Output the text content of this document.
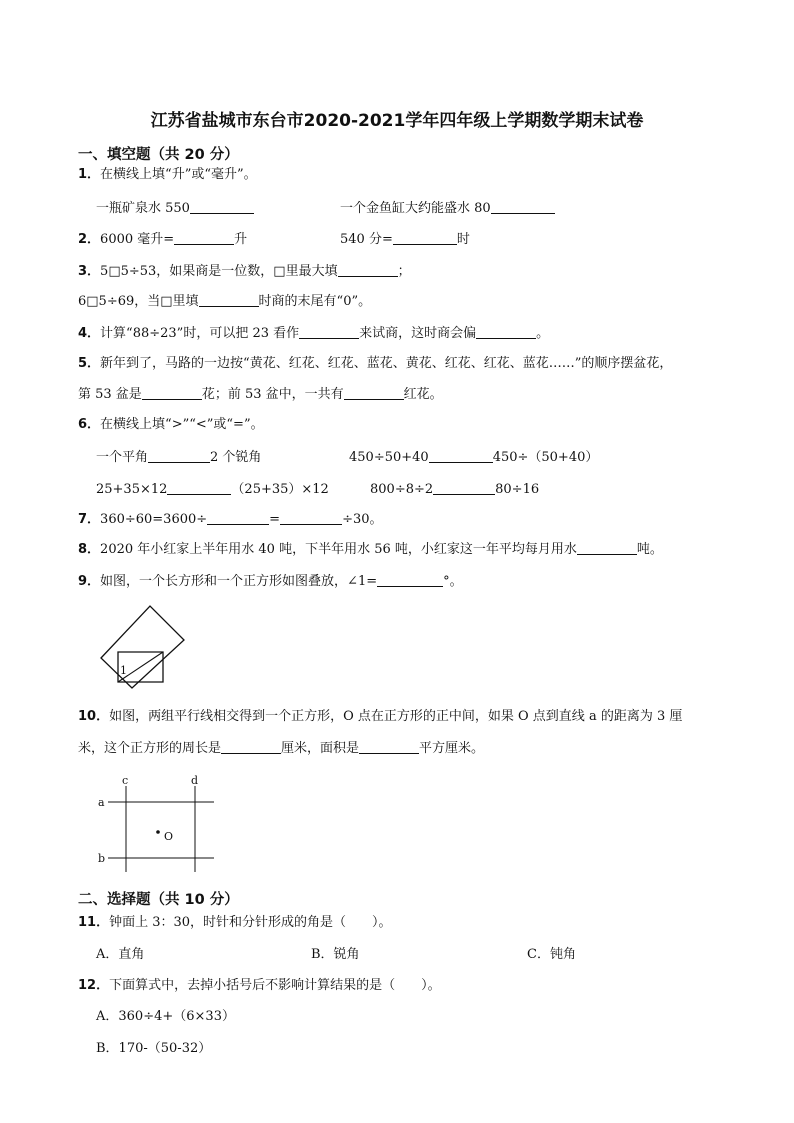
江苏省盐城市东台市2020-2021学年四年级上学期数学期末试卷
一、填空题（共 20 分）
1．在横线上填“升”或“毫升”。
一瓶矿泉水 550	一个金鱼缸大约能盛水 80
2．6000 毫升=	升	540 分=	时
3．5□5÷53，如果商是一位数，□里最大填	；
6□5÷69，当□里填	时商的末尾有“0”。
4．计算“88÷23”时，可以把 23 看作	来试商，这时商会偏	。
5．新年到了，马路的一边按“黄花、红花、红花、蓝花、黄花、红花、红花、蓝花……”的顺序摆盆花，
第 53 盆是	花；前 53 盆中，一共有	红花。
6．在横线上填“>”“<”或“=”。
一个平角	2 个锐角	450÷50+40	450÷（50+40）
25+35×12	（25+35）×12	800÷8÷2	80÷16
7．360÷60=3600÷	=	÷30。
8．2020 年小红家上半年用水 40 吨，下半年用水 56 吨，小红家这一年平均每月用水	吨。
9．如图，一个长方形和一个正方形如图叠放，∠1=	°。
1
10．如图，两组平行线相交得到一个正方形，O 点在正方形的正中间，如果 O 点到直线 a 的距离为 3 厘
米，这个正方形的周长是	厘米，面积是	平方厘米。
O
c	d
a
b
二、选择题（共 10 分）
11．钟面上 3：30，时针和分针形成的角是（　　）。
A．直角	B．锐角	C．钝角
12．下面算式中，去掉小括号后不影响计算结果的是（　　）。
A．360÷4+（6×33）
B．170-（50-32）
